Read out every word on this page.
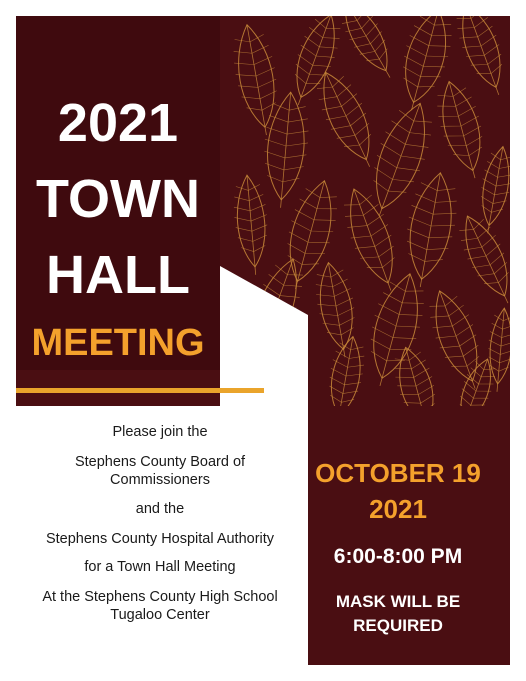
2021
TOWN
HALL
MEETING
Please join the
Stephens County Board of
Commissioners
and the
Stephens County Hospital Authority
for a Town Hall Meeting
At the Stephens County High School
Tugaloo Center
OCTOBER 19
2021
6:00-8:00 PM
MASK WILL BE
REQUIRED
